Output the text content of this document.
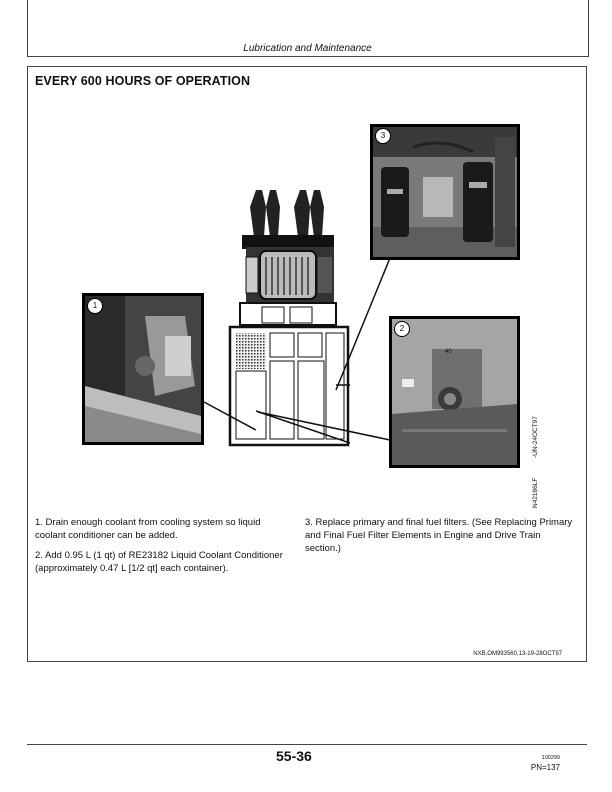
Lubrication and Maintenance
EVERY 600 HOURS OF OPERATION
1
2
40
3
-UN-24OCT97
N42186LF
1. Drain enough coolant from cooling system so liquid coolant conditioner can be added.
2. Add 0.95 L (1 qt) of RE23182 Liquid Coolant Conditioner (approximately 0.47 L [1/2 qt] each container).
3. Replace primary and final fuel filters. (See Replacing Primary and Final Fuel Filter Elements in Engine and Drive Train section.)
NXB,OM993560,13-19-28OCT97
55-36	100299
PN=137
